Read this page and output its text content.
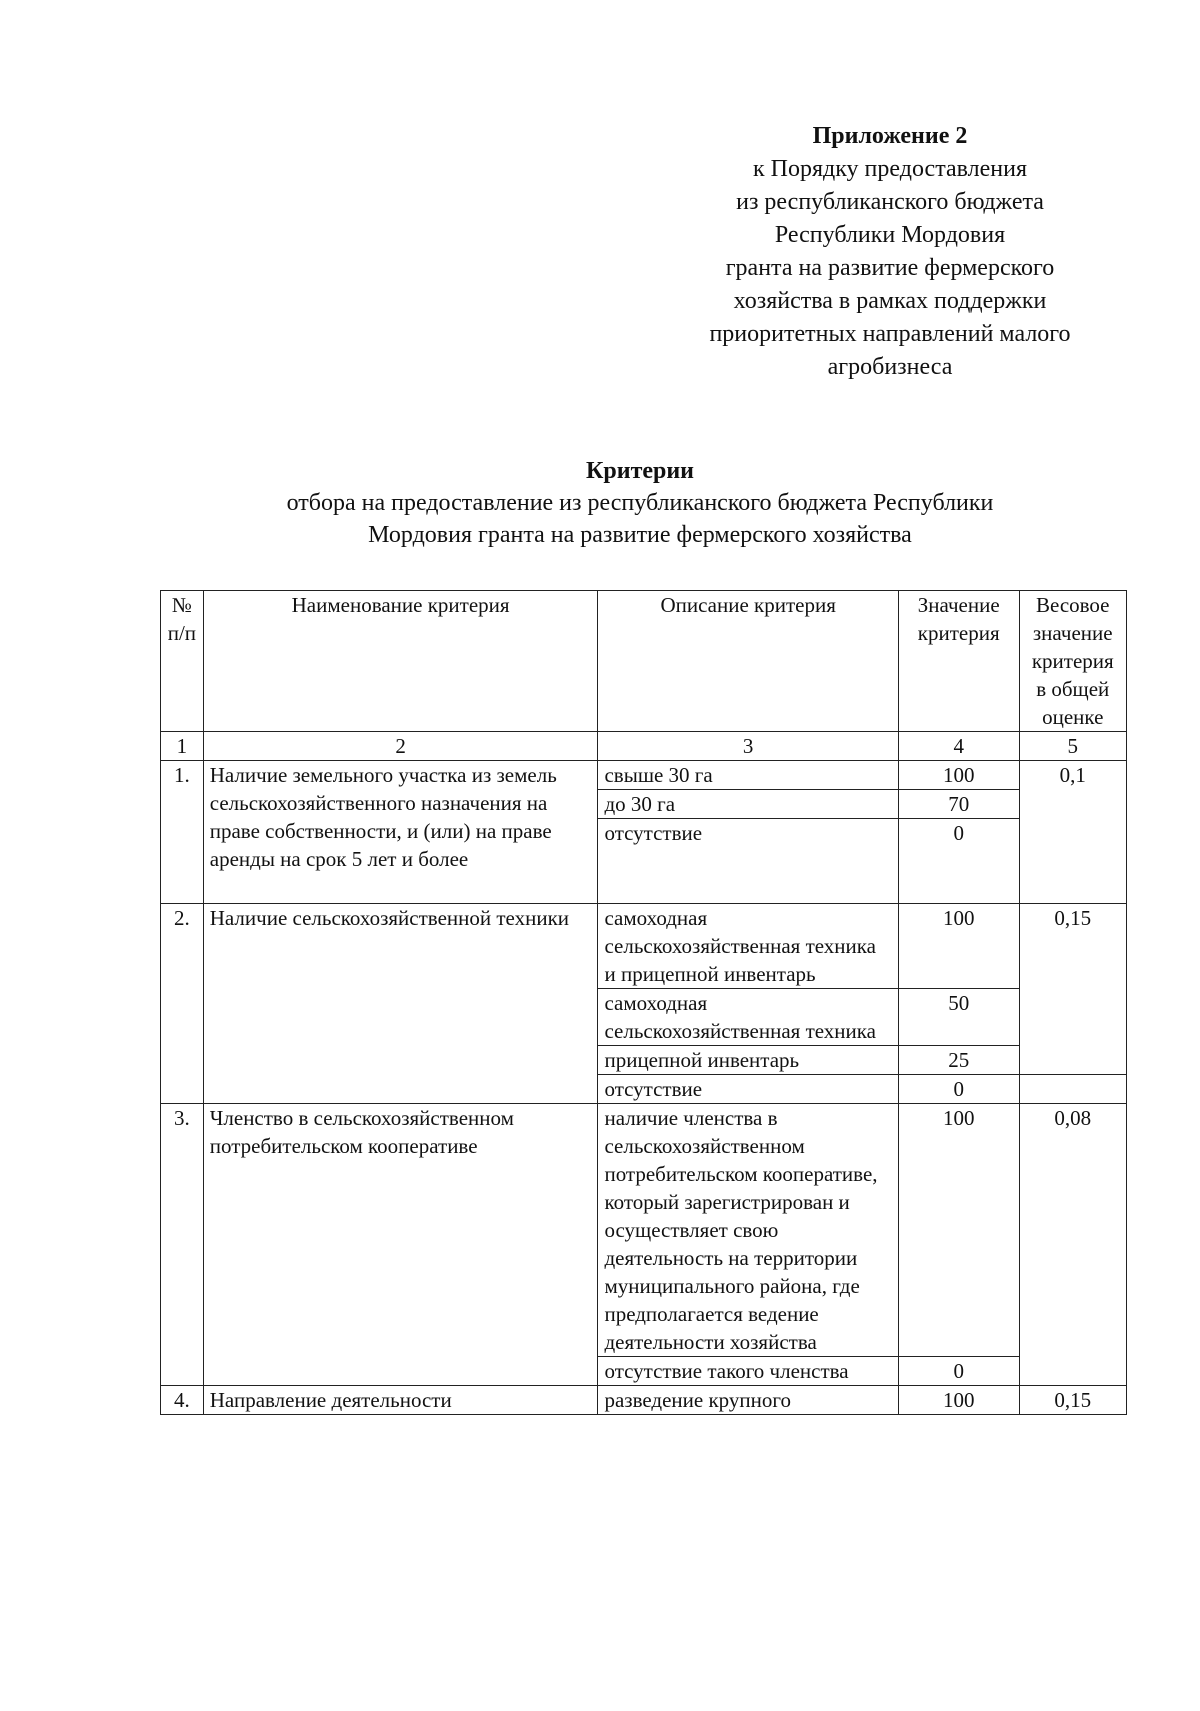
Приложение 2
к Порядку предоставления
из республиканского бюджета
Республики Мордовия
гранта на развитие фермерского
хозяйства в рамках поддержки
приоритетных направлений малого
агробизнеса
Критерии
отбора на предоставление из республиканского бюджета Республики
Мордовия гранта на развитие фермерского хозяйства
№ п/п	Наименование критерия	Описание критерия	Значение критерия	Весовое значение критерия в общей оценке
1	2	3	4	5
1.	Наличие земельного участка из земель сельскохозяйственного назначения на праве собственности, и (или) на праве аренды на срок 5 лет и более	свыше 30 га	100	0,1
		до 30 га	70	
		отсутствие	0	
2.	Наличие сельскохозяйственной техники	самоходная сельскохозяйственная техника и прицепной инвентарь	100	0,15
		самоходная сельскохозяйственная техника	50	
		прицепной инвентарь	25	
		отсутствие	0	
3.	Членство в сельскохозяйственном потребительском кооперативе	наличие членства в сельскохозяйственном потребительском кооперативе, который зарегистрирован и осуществляет свою деятельность на территории муниципального района, где предполагается ведение деятельности хозяйства	100	0,08
		отсутствие такого членства	0	
4.	Направление деятельности	разведение крупного	100	0,15
